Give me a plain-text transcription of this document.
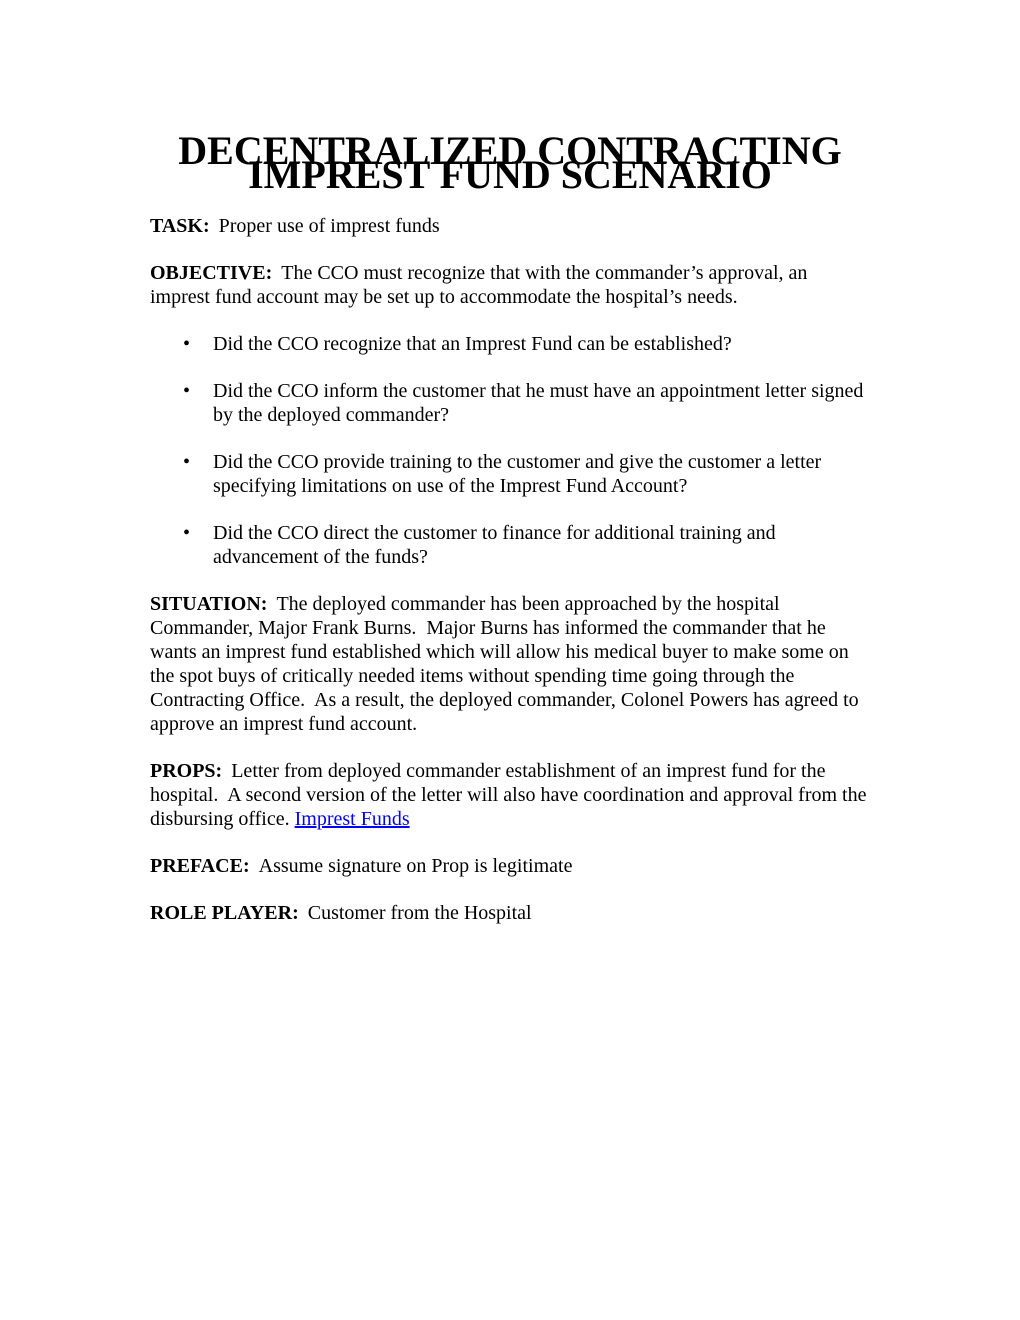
DECENTRALIZED CONTRACTING IMPREST FUND SCENARIO

TASK: Proper use of imprest funds

OBJECTIVE: The CCO must recognize that with the commander’s approval, an imprest fund account may be set up to accommodate the hospital’s needs.

• Did the CCO recognize that an Imprest Fund can be established?
• Did the CCO inform the customer that he must have an appointment letter signed by the deployed commander?
• Did the CCO provide training to the customer and give the customer a letter specifying limitations on use of the Imprest Fund Account?
• Did the CCO direct the customer to finance for additional training and advancement of the funds?

SITUATION: The deployed commander has been approached by the hospital Commander, Major Frank Burns.  Major Burns has informed the commander that he wants an imprest fund established which will allow his medical buyer to make some on the spot buys of critically needed items without spending time going through the Contracting Office.  As a result, the deployed commander, Colonel Powers has agreed to approve an imprest fund account.

PROPS: Letter from deployed commander establishment of an imprest fund for the hospital.  A second version of the letter will also have coordination and approval from the disbursing office. Imprest Funds

PREFACE: Assume signature on Prop is legitimate

ROLE PLAYER: Customer from the Hospital
